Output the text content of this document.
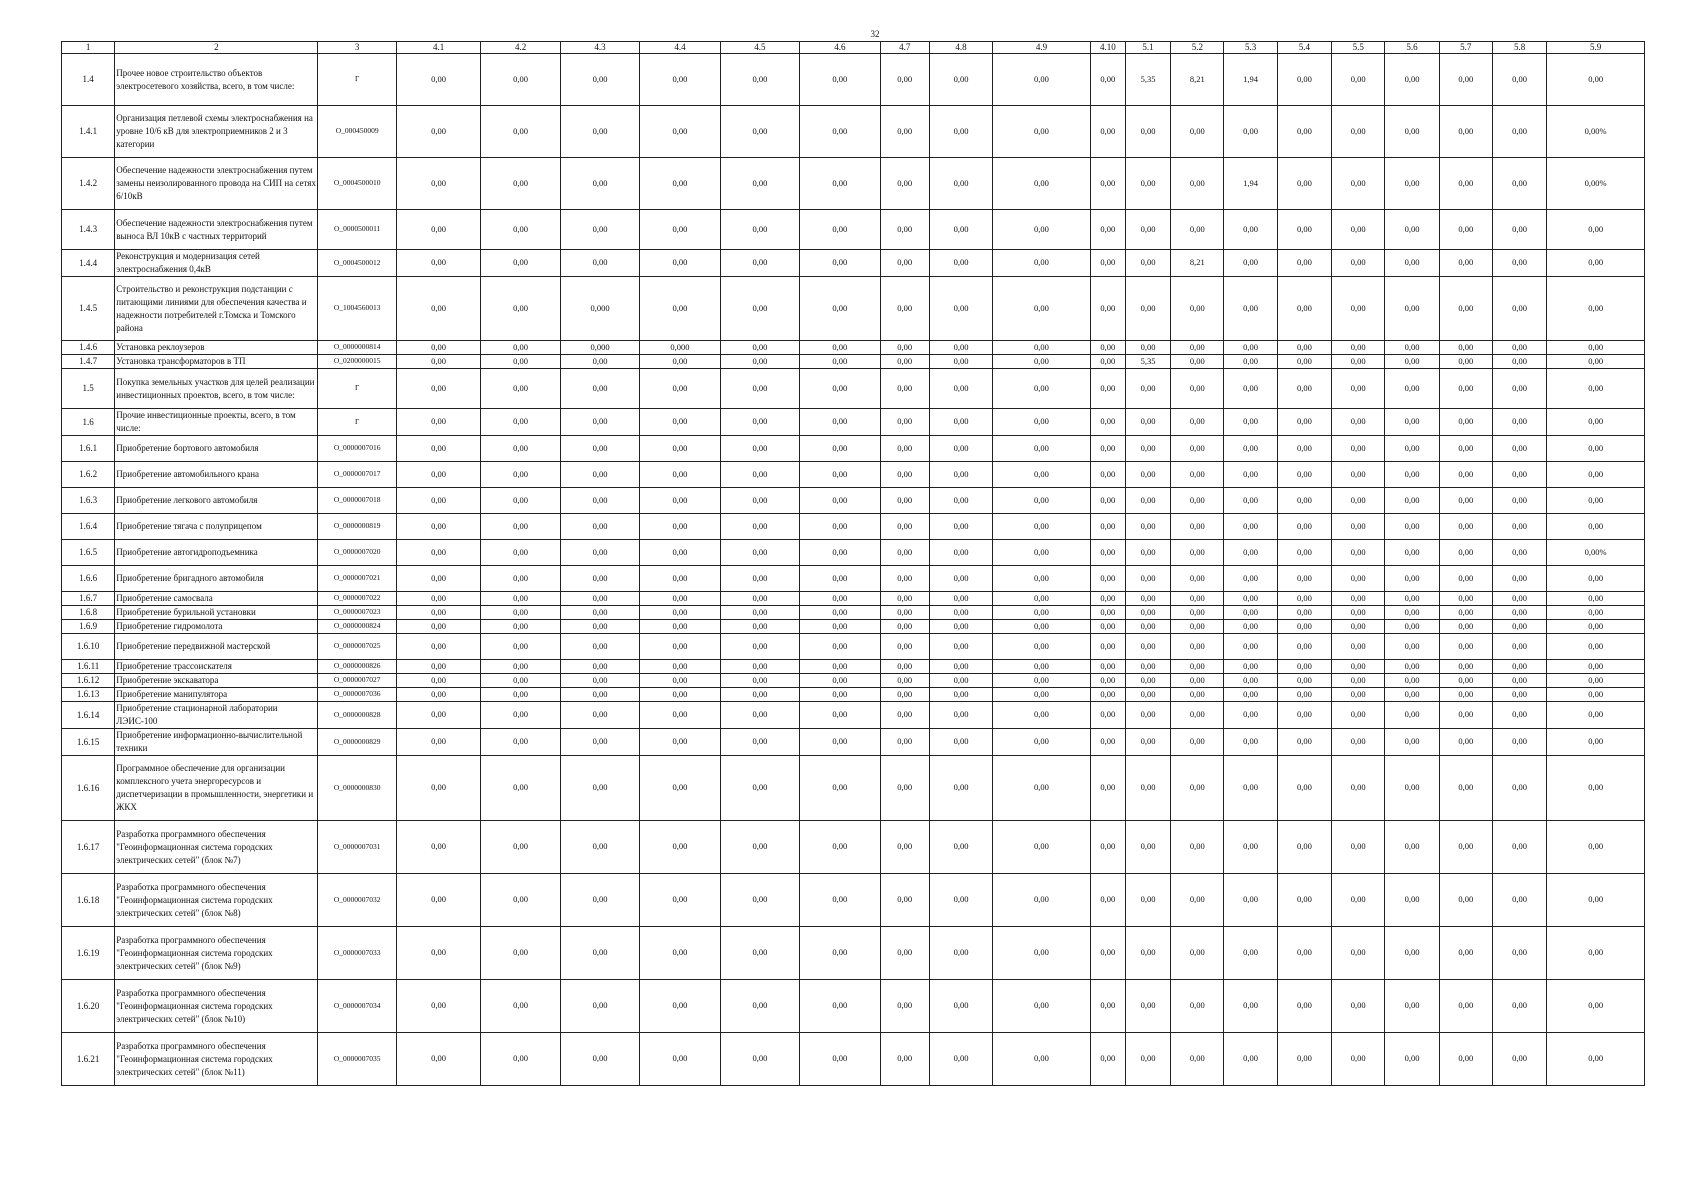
32
1	2	3	4.1	4.2	4.3	4.4	4.5	4.6	4.7	4.8	4.9	4.10	5.1	5.2	5.3	5.4	5.5	5.6	5.7	5.8	5.9
1.4	Прочее новое строительство объектов электросетевого хозяйства, всего, в том числе:	Г	0,00	0,00	0,00	0,00	0,00	0,00	0,00	0,00	0,00	0,00	5,35	8,21	1,94	0,00	0,00	0,00	0,00	0,00	0,00
1.4.1	Организация петлевой схемы электроснабжения на уровне 10/6 кВ для электроприемников 2 и 3 категории	O_000450009	0,00	0,00	0,00	0,00	0,00	0,00	0,00	0,00	0,00	0,00	0,00	0,00	0,00	0,00	0,00	0,00	0,00	0,00	0,00%
1.4.2	Обеспечение надежности электроснабжения путем замены неизолированного провода на СИП на сетях 6/10кВ	O_0004500010	0,00	0,00	0,00	0,00	0,00	0,00	0,00	0,00	0,00	0,00	0,00	0,00	1,94	0,00	0,00	0,00	0,00	0,00	0,00%
1.4.3	Обеспечение надежности электроснабжения путем выноса ВЛ 10кВ с частных территорий	O_0000500011	0,00	0,00	0,00	0,00	0,00	0,00	0,00	0,00	0,00	0,00	0,00	0,00	0,00	0,00	0,00	0,00	0,00	0,00	0,00
1.4.4	Реконструкция и модернизация сетей электроснабжения 0,4кВ	O_0004500012	0,00	0,00	0,00	0,00	0,00	0,00	0,00	0,00	0,00	0,00	0,00	8,21	0,00	0,00	0,00	0,00	0,00	0,00	0,00
1.4.5	Строительство и реконструкция подстанции с питающими линиями для обеспечения качества и надежности потребителей г.Томска и Томского района	O_1004560013	0,00	0,00	0,000	0,00	0,00	0,00	0,00	0,00	0,00	0,00	0,00	0,00	0,00	0,00	0,00	0,00	0,00	0,00	0,00
1.4.6	Установка реклоузеров	O_0000000814	0,00	0,00	0,000	0,000	0,00	0,00	0,00	0,00	0,00	0,00	0,00	0,00	0,00	0,00	0,00	0,00	0,00	0,00	0,00
1.4.7	Установка трансформаторов в ТП	O_0200000015	0,00	0,00	0,00	0,00	0,00	0,00	0,00	0,00	0,00	0,00	5,35	0,00	0,00	0,00	0,00	0,00	0,00	0,00	0,00
1.5	Покупка земельных участков для целей реализации инвестиционных проектов, всего, в том числе:	Г	0,00	0,00	0,00	0,00	0,00	0,00	0,00	0,00	0,00	0,00	0,00	0,00	0,00	0,00	0,00	0,00	0,00	0,00	0,00
1.6	Прочие инвестиционные проекты, всего, в том числе:	Г	0,00	0,00	0,00	0,00	0,00	0,00	0,00	0,00	0,00	0,00	0,00	0,00	0,00	0,00	0,00	0,00	0,00	0,00	0,00
1.6.1	Приобретение бортового автомобиля	O_0000007016	0,00	0,00	0,00	0,00	0,00	0,00	0,00	0,00	0,00	0,00	0,00	0,00	0,00	0,00	0,00	0,00	0,00	0,00	0,00
1.6.2	Приобретение автомобильного крана	O_0000007017	0,00	0,00	0,00	0,00	0,00	0,00	0,00	0,00	0,00	0,00	0,00	0,00	0,00	0,00	0,00	0,00	0,00	0,00	0,00
1.6.3	Приобретение легкового автомобиля	O_0000007018	0,00	0,00	0,00	0,00	0,00	0,00	0,00	0,00	0,00	0,00	0,00	0,00	0,00	0,00	0,00	0,00	0,00	0,00	0,00
1.6.4	Приобретение тягача с полуприцепом	O_0000000819	0,00	0,00	0,00	0,00	0,00	0,00	0,00	0,00	0,00	0,00	0,00	0,00	0,00	0,00	0,00	0,00	0,00	0,00	0,00
1.6.5	Приобретение автогидроподъемника	O_0000007020	0,00	0,00	0,00	0,00	0,00	0,00	0,00	0,00	0,00	0,00	0,00	0,00	0,00	0,00	0,00	0,00	0,00	0,00	0,00%
1.6.6	Приобретение бригадного автомобиля	O_0000007021	0,00	0,00	0,00	0,00	0,00	0,00	0,00	0,00	0,00	0,00	0,00	0,00	0,00	0,00	0,00	0,00	0,00	0,00	0,00
1.6.7	Приобретение самосвала	O_0000007022	0,00	0,00	0,00	0,00	0,00	0,00	0,00	0,00	0,00	0,00	0,00	0,00	0,00	0,00	0,00	0,00	0,00	0,00	0,00
1.6.8	Приобретение бурильной установки	O_0000007023	0,00	0,00	0,00	0,00	0,00	0,00	0,00	0,00	0,00	0,00	0,00	0,00	0,00	0,00	0,00	0,00	0,00	0,00	0,00
1.6.9	Приобретение гидромолота	O_0000000824	0,00	0,00	0,00	0,00	0,00	0,00	0,00	0,00	0,00	0,00	0,00	0,00	0,00	0,00	0,00	0,00	0,00	0,00	0,00
1.6.10	Приобретение передвижной мастерской	O_0000007025	0,00	0,00	0,00	0,00	0,00	0,00	0,00	0,00	0,00	0,00	0,00	0,00	0,00	0,00	0,00	0,00	0,00	0,00	0,00
1.6.11	Приобретение трассоискателя	O_0000000826	0,00	0,00	0,00	0,00	0,00	0,00	0,00	0,00	0,00	0,00	0,00	0,00	0,00	0,00	0,00	0,00	0,00	0,00	0,00
1.6.12	Приобретение экскаватора	O_0000007027	0,00	0,00	0,00	0,00	0,00	0,00	0,00	0,00	0,00	0,00	0,00	0,00	0,00	0,00	0,00	0,00	0,00	0,00	0,00
1.6.13	Приобретение манипулятора	O_0000007036	0,00	0,00	0,00	0,00	0,00	0,00	0,00	0,00	0,00	0,00	0,00	0,00	0,00	0,00	0,00	0,00	0,00	0,00	0,00
1.6.14	Приобретение стационарной лаборатории ЛЭИС-100	O_0000000828	0,00	0,00	0,00	0,00	0,00	0,00	0,00	0,00	0,00	0,00	0,00	0,00	0,00	0,00	0,00	0,00	0,00	0,00	0,00
1.6.15	Приобретение информационно-вычислительной техники	O_0000000829	0,00	0,00	0,00	0,00	0,00	0,00	0,00	0,00	0,00	0,00	0,00	0,00	0,00	0,00	0,00	0,00	0,00	0,00	0,00
1.6.16	Программное обеспечение для организации комплексного учета энергоресурсов и диспетчеризации в промышленности, энергетики и ЖКХ	O_0000000830	0,00	0,00	0,00	0,00	0,00	0,00	0,00	0,00	0,00	0,00	0,00	0,00	0,00	0,00	0,00	0,00	0,00	0,00	0,00
1.6.17	Разработка программного обеспечения "Геоинформационная система городских электрических сетей" (блок №7)	O_0000007031	0,00	0,00	0,00	0,00	0,00	0,00	0,00	0,00	0,00	0,00	0,00	0,00	0,00	0,00	0,00	0,00	0,00	0,00	0,00
1.6.18	Разработка программного обеспечения "Геоинформационная система городских электрических сетей" (блок №8)	O_0000007032	0,00	0,00	0,00	0,00	0,00	0,00	0,00	0,00	0,00	0,00	0,00	0,00	0,00	0,00	0,00	0,00	0,00	0,00	0,00
1.6.19	Разработка программного обеспечения "Геоинформационная система городских электрических сетей" (блок №9)	O_0000007033	0,00	0,00	0,00	0,00	0,00	0,00	0,00	0,00	0,00	0,00	0,00	0,00	0,00	0,00	0,00	0,00	0,00	0,00	0,00
1.6.20	Разработка программного обеспечения "Геоинформационная система городских электрических сетей" (блок №10)	O_0000007034	0,00	0,00	0,00	0,00	0,00	0,00	0,00	0,00	0,00	0,00	0,00	0,00	0,00	0,00	0,00	0,00	0,00	0,00	0,00
1.6.21	Разработка программного обеспечения "Геоинформационная система городских электрических сетей" (блок №11)	O_0000007035	0,00	0,00	0,00	0,00	0,00	0,00	0,00	0,00	0,00	0,00	0,00	0,00	0,00	0,00	0,00	0,00	0,00	0,00	0,00
